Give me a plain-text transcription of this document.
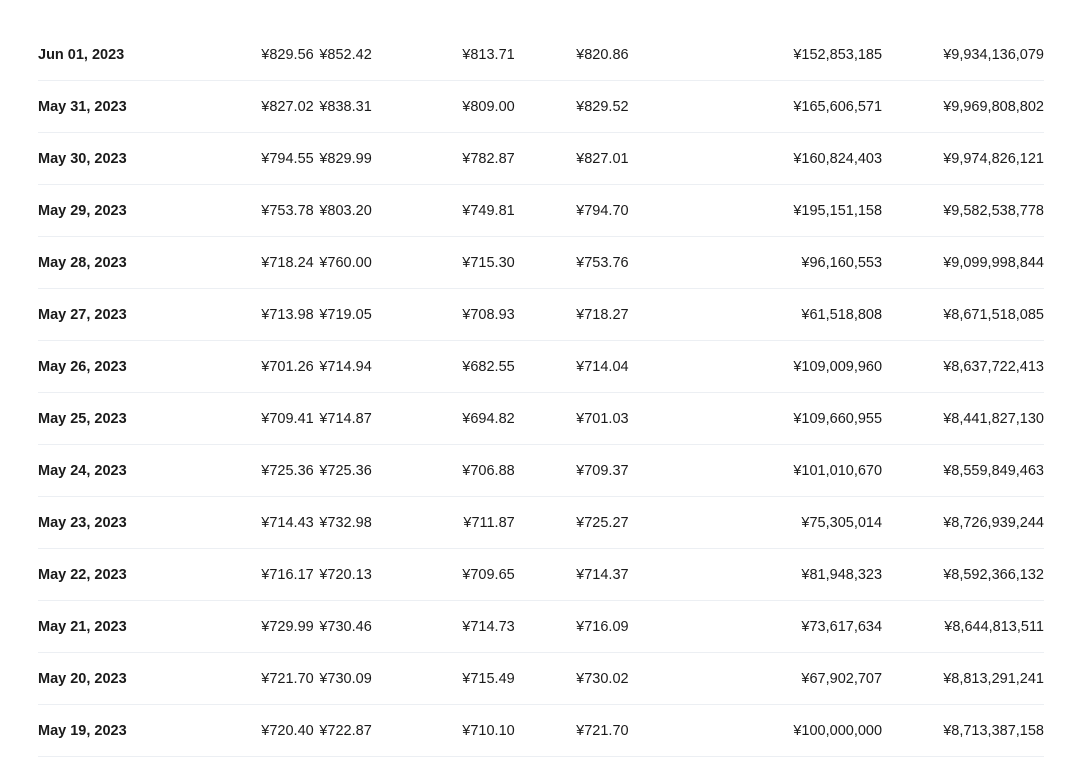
Jun 01, 2023	¥829.56	¥852.42	¥813.71	¥820.86	¥152,853,185	¥9,934,136,079
May 31, 2023	¥827.02	¥838.31	¥809.00	¥829.52	¥165,606,571	¥9,969,808,802
May 30, 2023	¥794.55	¥829.99	¥782.87	¥827.01	¥160,824,403	¥9,974,826,121
May 29, 2023	¥753.78	¥803.20	¥749.81	¥794.70	¥195,151,158	¥9,582,538,778
May 28, 2023	¥718.24	¥760.00	¥715.30	¥753.76	¥96,160,553	¥9,099,998,844
May 27, 2023	¥713.98	¥719.05	¥708.93	¥718.27	¥61,518,808	¥8,671,518,085
May 26, 2023	¥701.26	¥714.94	¥682.55	¥714.04	¥109,009,960	¥8,637,722,413
May 25, 2023	¥709.41	¥714.87	¥694.82	¥701.03	¥109,660,955	¥8,441,827,130
May 24, 2023	¥725.36	¥725.36	¥706.88	¥709.37	¥101,010,670	¥8,559,849,463
May 23, 2023	¥714.43	¥732.98	¥711.87	¥725.27	¥75,305,014	¥8,726,939,244
May 22, 2023	¥716.17	¥720.13	¥709.65	¥714.37	¥81,948,323	¥8,592,366,132
May 21, 2023	¥729.99	¥730.46	¥714.73	¥716.09	¥73,617,634	¥8,644,813,511
May 20, 2023	¥721.70	¥730.09	¥715.49	¥730.02	¥67,902,707	¥8,813,291,241
May 19, 2023	¥720.40	¥722.87	¥710.10	¥721.70	¥100,000,000	¥8,713,387,158
